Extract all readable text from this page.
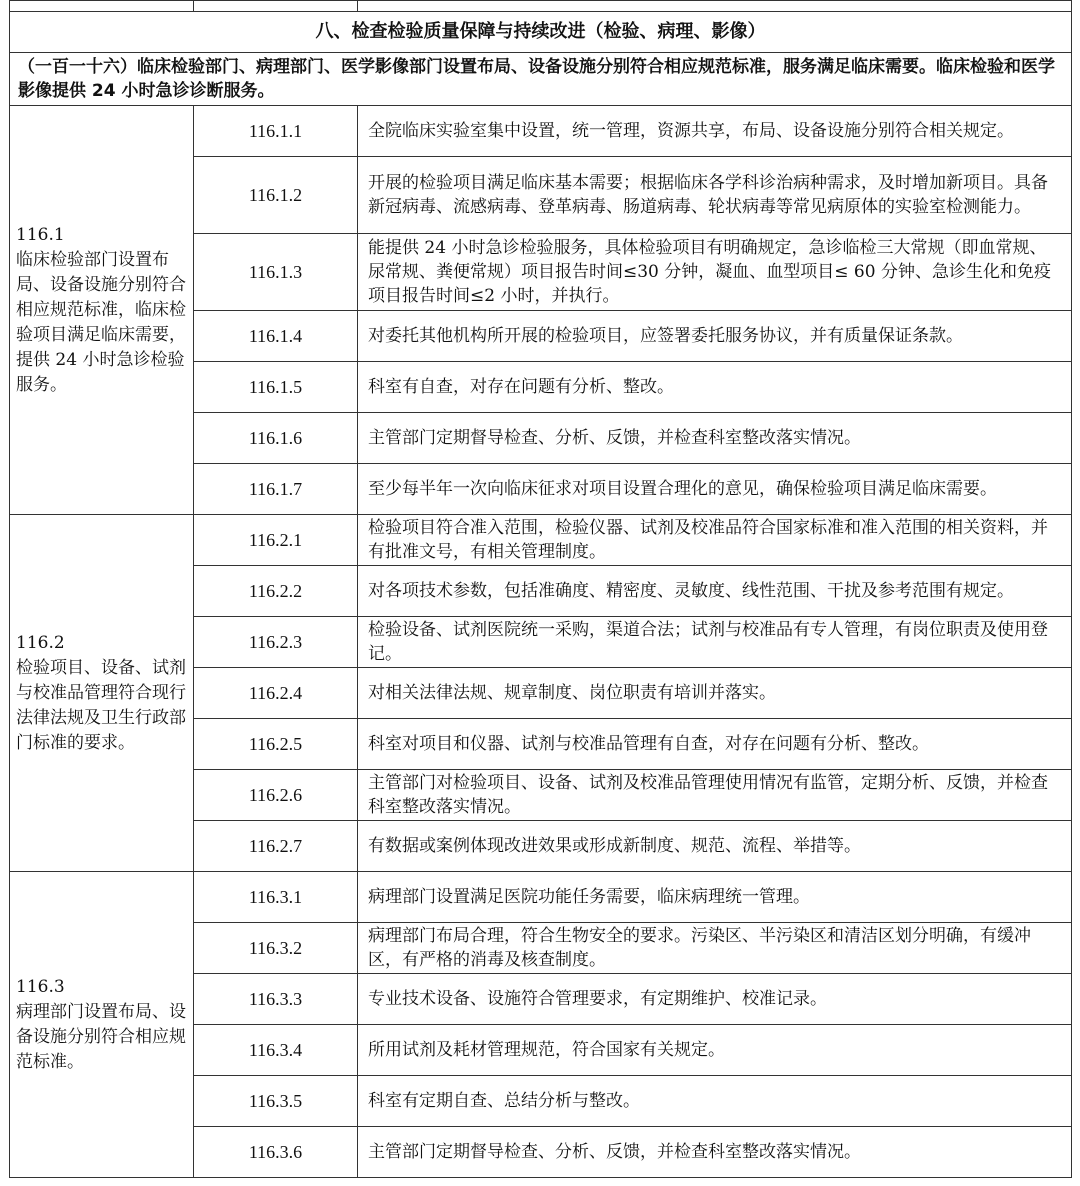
八、检查检验质量保障与持续改进（检验、病理、影像）		
（一百一十六）临床检验部门、病理部门、医学影像部门设置布局、设备设施分别符合相应规范标准，服务满足临床需要。临床检验和医学影像提供 24 小时急诊诊断服务。		

116.1
临床检验部门设置布局、设备设施分别符合相应规范标准，临床检验项目满足临床需要，提供 24 小时急诊检验服务。	116.1.1	全院临床实验室集中设置，统一管理，资源共享，布局、设备设施分别符合相关规定。
	116.1.2	开展的检验项目满足临床基本需要；根据临床各学科诊治病种需求，及时增加新项目。具备新冠病毒、流感病毒、登革病毒、肠道病毒、轮状病毒等常见病原体的实验室检测能力。
	116.1.3	能提供 24 小时急诊检验服务，具体检验项目有明确规定，急诊临检三大常规（即血常规、尿常规、粪便常规）项目报告时间≤30 分钟，凝血、血型项目≤ 60 分钟、急诊生化和免疫项目报告时间≤2 小时，并执行。
	116.1.4	对委托其他机构所开展的检验项目，应签署委托服务协议，并有质量保证条款。
	116.1.5	科室有自查，对存在问题有分析、整改。
	116.1.6	主管部门定期督导检查、分析、反馈，并检查科室整改落实情况。
	116.1.7	至少每半年一次向临床征求对项目设置合理化的意见，确保检验项目满足临床需要。

116.2
检验项目、设备、试剂与校准品管理符合现行法律法规及卫生行政部门标准的要求。	116.2.1	检验项目符合准入范围，检验仪器、试剂及校准品符合国家标准和准入范围的相关资料，并有批准文号，有相关管理制度。
	116.2.2	对各项技术参数，包括准确度、精密度、灵敏度、线性范围、干扰及参考范围有规定。
	116.2.3	检验设备、试剂医院统一采购，渠道合法；试剂与校准品有专人管理，有岗位职责及使用登记。
	116.2.4	对相关法律法规、规章制度、岗位职责有培训并落实。
	116.2.5	科室对项目和仪器、试剂与校准品管理有自查，对存在问题有分析、整改。
	116.2.6	主管部门对检验项目、设备、试剂及校准品管理使用情况有监管，定期分析、反馈，并检查科室整改落实情况。
	116.2.7	有数据或案例体现改进效果或形成新制度、规范、流程、举措等。

116.3
病理部门设置布局、设备设施分别符合相应规范标准。	116.3.1	病理部门设置满足医院功能任务需要，临床病理统一管理。
	116.3.2	病理部门布局合理，符合生物安全的要求。污染区、半污染区和清洁区划分明确，有缓冲区，有严格的消毒及核查制度。
	116.3.3	专业技术设备、设施符合管理要求，有定期维护、校准记录。
	116.3.4	所用试剂及耗材管理规范，符合国家有关规定。
	116.3.5	科室有定期自查、总结分析与整改。
	116.3.6	主管部门定期督导检查、分析、反馈，并检查科室整改落实情况。
